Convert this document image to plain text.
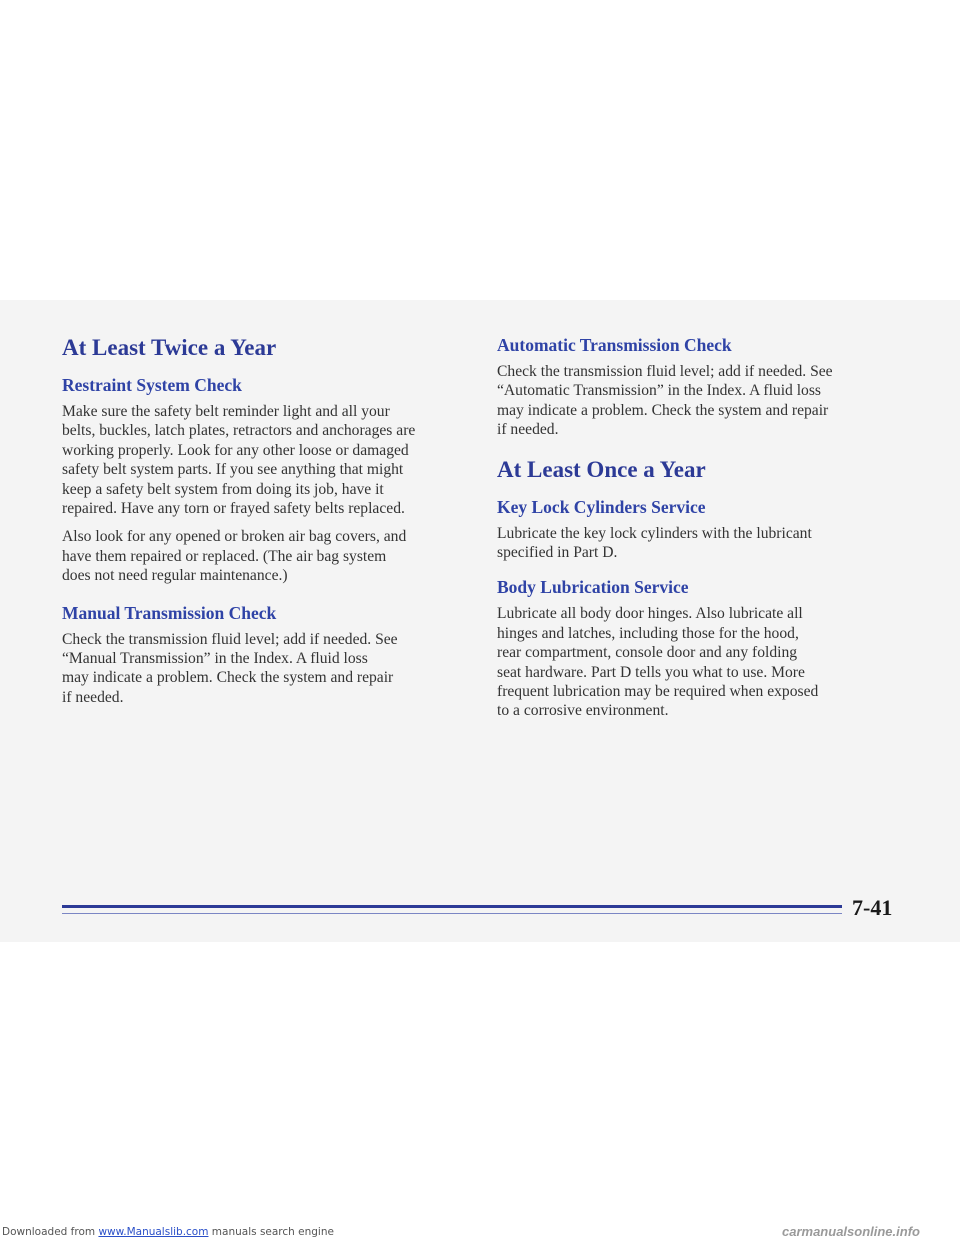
At Least Twice a Year
Restraint System Check

Make sure the safety belt reminder light and all your
belts, buckles, latch plates, retractors and anchorages are
working properly. Look for any other loose or damaged
safety belt system parts. If you see anything that might
keep a safety belt system from doing its job, have it
repaired. Have any torn or frayed safety belts replaced.

Also look for any opened or broken air bag covers, and
have them repaired or replaced. (The air bag system
does not need regular maintenance.)

Manual Transmission Check

Check the transmission fluid level; add if needed. See
“Manual Transmission” in the Index. A fluid loss
may indicate a problem. Check the system and repair
if needed.

Automatic Transmission Check

Check the transmission fluid level; add if needed. See
“Automatic Transmission” in the Index. A fluid loss
may indicate a problem. Check the system and repair
if needed.

At Least Once a Year
Key Lock Cylinders Service

Lubricate the key lock cylinders with the lubricant
specified in Part D.

Body Lubrication Service

Lubricate all body door hinges. Also lubricate all
hinges and latches, including those for the hood,
rear compartment, console door and any folding
seat hardware. Part D tells you what to use. More
frequent lubrication may be required when exposed
to a corrosive environment.

7-41
Downloaded from www.Manualslib.com manuals search engine	carmanualsonline.info
